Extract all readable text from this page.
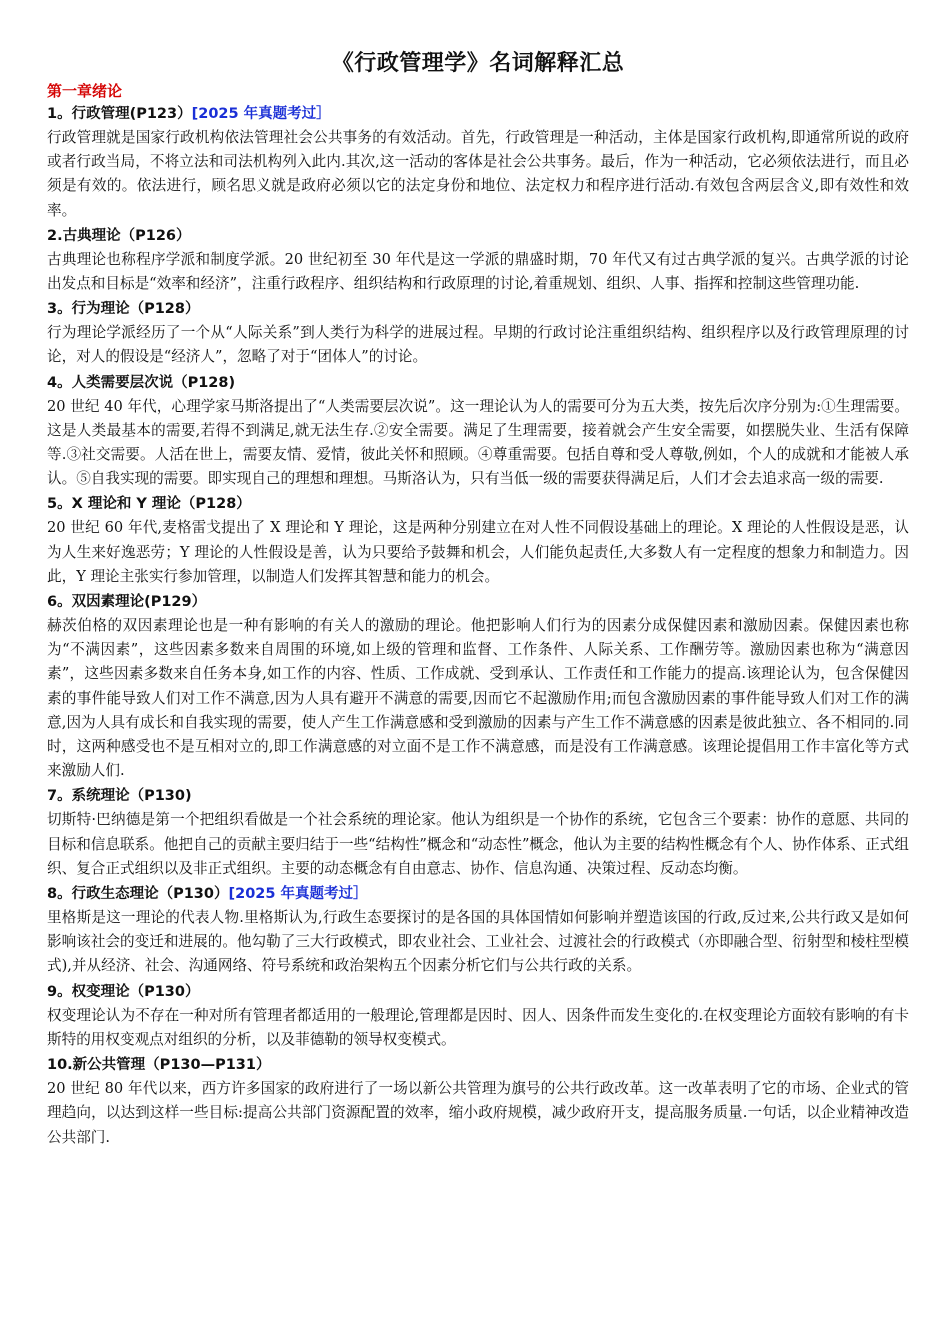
《行政管理学》名词解释汇总
第一章绪论
1。行政管理(P123）[2025 年真题考过］

行政管理就是国家行政机构依法管理社会公共事务的有效活动。首先，行政管理是一种活动，主体是国家行政机构,即通常所说的政府或者行政当局，不将立法和司法机构列入此内.其次,这一活动的客体是社会公共事务。最后，作为一种活动，它必须依法进行，而且必须是有效的。依法进行，顾名思义就是政府必须以它的法定身份和地位、法定权力和程序进行活动.有效包含两层含义,即有效性和效率。

2.古典理论（P126）

古典理论也称程序学派和制度学派。20 世纪初至 30 年代是这一学派的鼎盛时期，70 年代又有过古典学派的复兴。古典学派的讨论出发点和目标是“效率和经济”，注重行政程序、组织结构和行政原理的讨论,着重规划、组织、人事、指挥和控制这些管理功能.

3。行为理论（P128）

行为理论学派经历了一个从“人际关系”到人类行为科学的进展过程。早期的行政讨论注重组织结构、组织程序以及行政管理原理的讨论，对人的假设是“经济人”，忽略了对于“团体人”的讨论。

4。人类需要层次说（P128)

20 世纪 40 年代，心理学家马斯洛提出了“人类需要层次说”。这一理论认为人的需要可分为五大类，按先后次序分别为:①生理需要。这是人类最基本的需要,若得不到满足,就无法生存.②安全需要。满足了生理需要，接着就会产生安全需要，如摆脱失业、生活有保障等.③社交需要。人活在世上，需要友情、爱情，彼此关怀和照顾。④尊重需要。包括自尊和受人尊敬,例如，个人的成就和才能被人承认。⑤自我实现的需要。即实现自己的理想和理想。马斯洛认为，只有当低一级的需要获得满足后，人们才会去追求高一级的需要.

5。X 理论和 Y 理论（P128）

20 世纪 60 年代,麦格雷戈提出了 X 理论和 Y 理论，这是两种分别建立在对人性不同假设基础上的理论。X 理论的人性假设是恶，认为人生来好逸恶劳；Y 理论的人性假设是善，认为只要给予鼓舞和机会，人们能负起责任,大多数人有一定程度的想象力和制造力。因此，Y 理论主张实行参加管理，以制造人们发挥其智慧和能力的机会。

6。双因素理论(P129）

赫茨伯格的双因素理论也是一种有影响的有关人的激励的理论。他把影响人们行为的因素分成保健因素和激励因素。保健因素也称为“不满因素”，这些因素多数来自周围的环境,如上级的管理和监督、工作条件、人际关系、工作酬劳等。激励因素也称为“满意因素”，这些因素多数来自任务本身,如工作的内容、性质、工作成就、受到承认、工作责任和工作能力的提高.该理论认为，包含保健因素的事件能导致人们对工作不满意,因为人具有避开不满意的需要,因而它不起激励作用;而包含激励因素的事件能导致人们对工作的满意,因为人具有成长和自我实现的需要，使人产生工作满意感和受到激励的因素与产生工作不满意感的因素是彼此独立、各不相同的.同时，这两种感受也不是互相对立的,即工作满意感的对立面不是工作不满意感，而是没有工作满意感。该理论提倡用工作丰富化等方式来激励人们.

7。系统理论（P130)

切斯特·巴纳德是第一个把组织看做是一个社会系统的理论家。他认为组织是一个协作的系统，它包含三个要素：协作的意愿、共同的目标和信息联系。他把自己的贡献主要归结于一些“结构性”概念和“动态性”概念，他认为主要的结构性概念有个人、协作体系、正式组织、复合正式组织以及非正式组织。主要的动态概念有自由意志、协作、信息沟通、决策过程、反动态均衡。

8。行政生态理论（P130）[2025 年真题考过］

里格斯是这一理论的代表人物.里格斯认为,行政生态要探讨的是各国的具体国情如何影响并塑造该国的行政,反过来,公共行政又是如何影响该社会的变迁和进展的。他勾勒了三大行政模式，即农业社会、工业社会、过渡社会的行政模式（亦即融合型、衍射型和棱柱型模式),并从经济、社会、沟通网络、符号系统和政治架构五个因素分析它们与公共行政的关系。

9。权变理论（P130）

权变理论认为不存在一种对所有管理者都适用的一般理论,管理都是因时、因人、因条件而发生变化的.在权变理论方面较有影响的有卡斯特的用权变观点对组织的分析，以及菲德勒的领导权变模式。

10.新公共管理（P130—P131）

20 世纪 80 年代以来，西方许多国家的政府进行了一场以新公共管理为旗号的公共行政改革。这一改革表明了它的市场、企业式的管理趋向，以达到这样一些目标:提高公共部门资源配置的效率，缩小政府规模，减少政府开支，提高服务质量.一句话，以企业精神改造公共部门.
